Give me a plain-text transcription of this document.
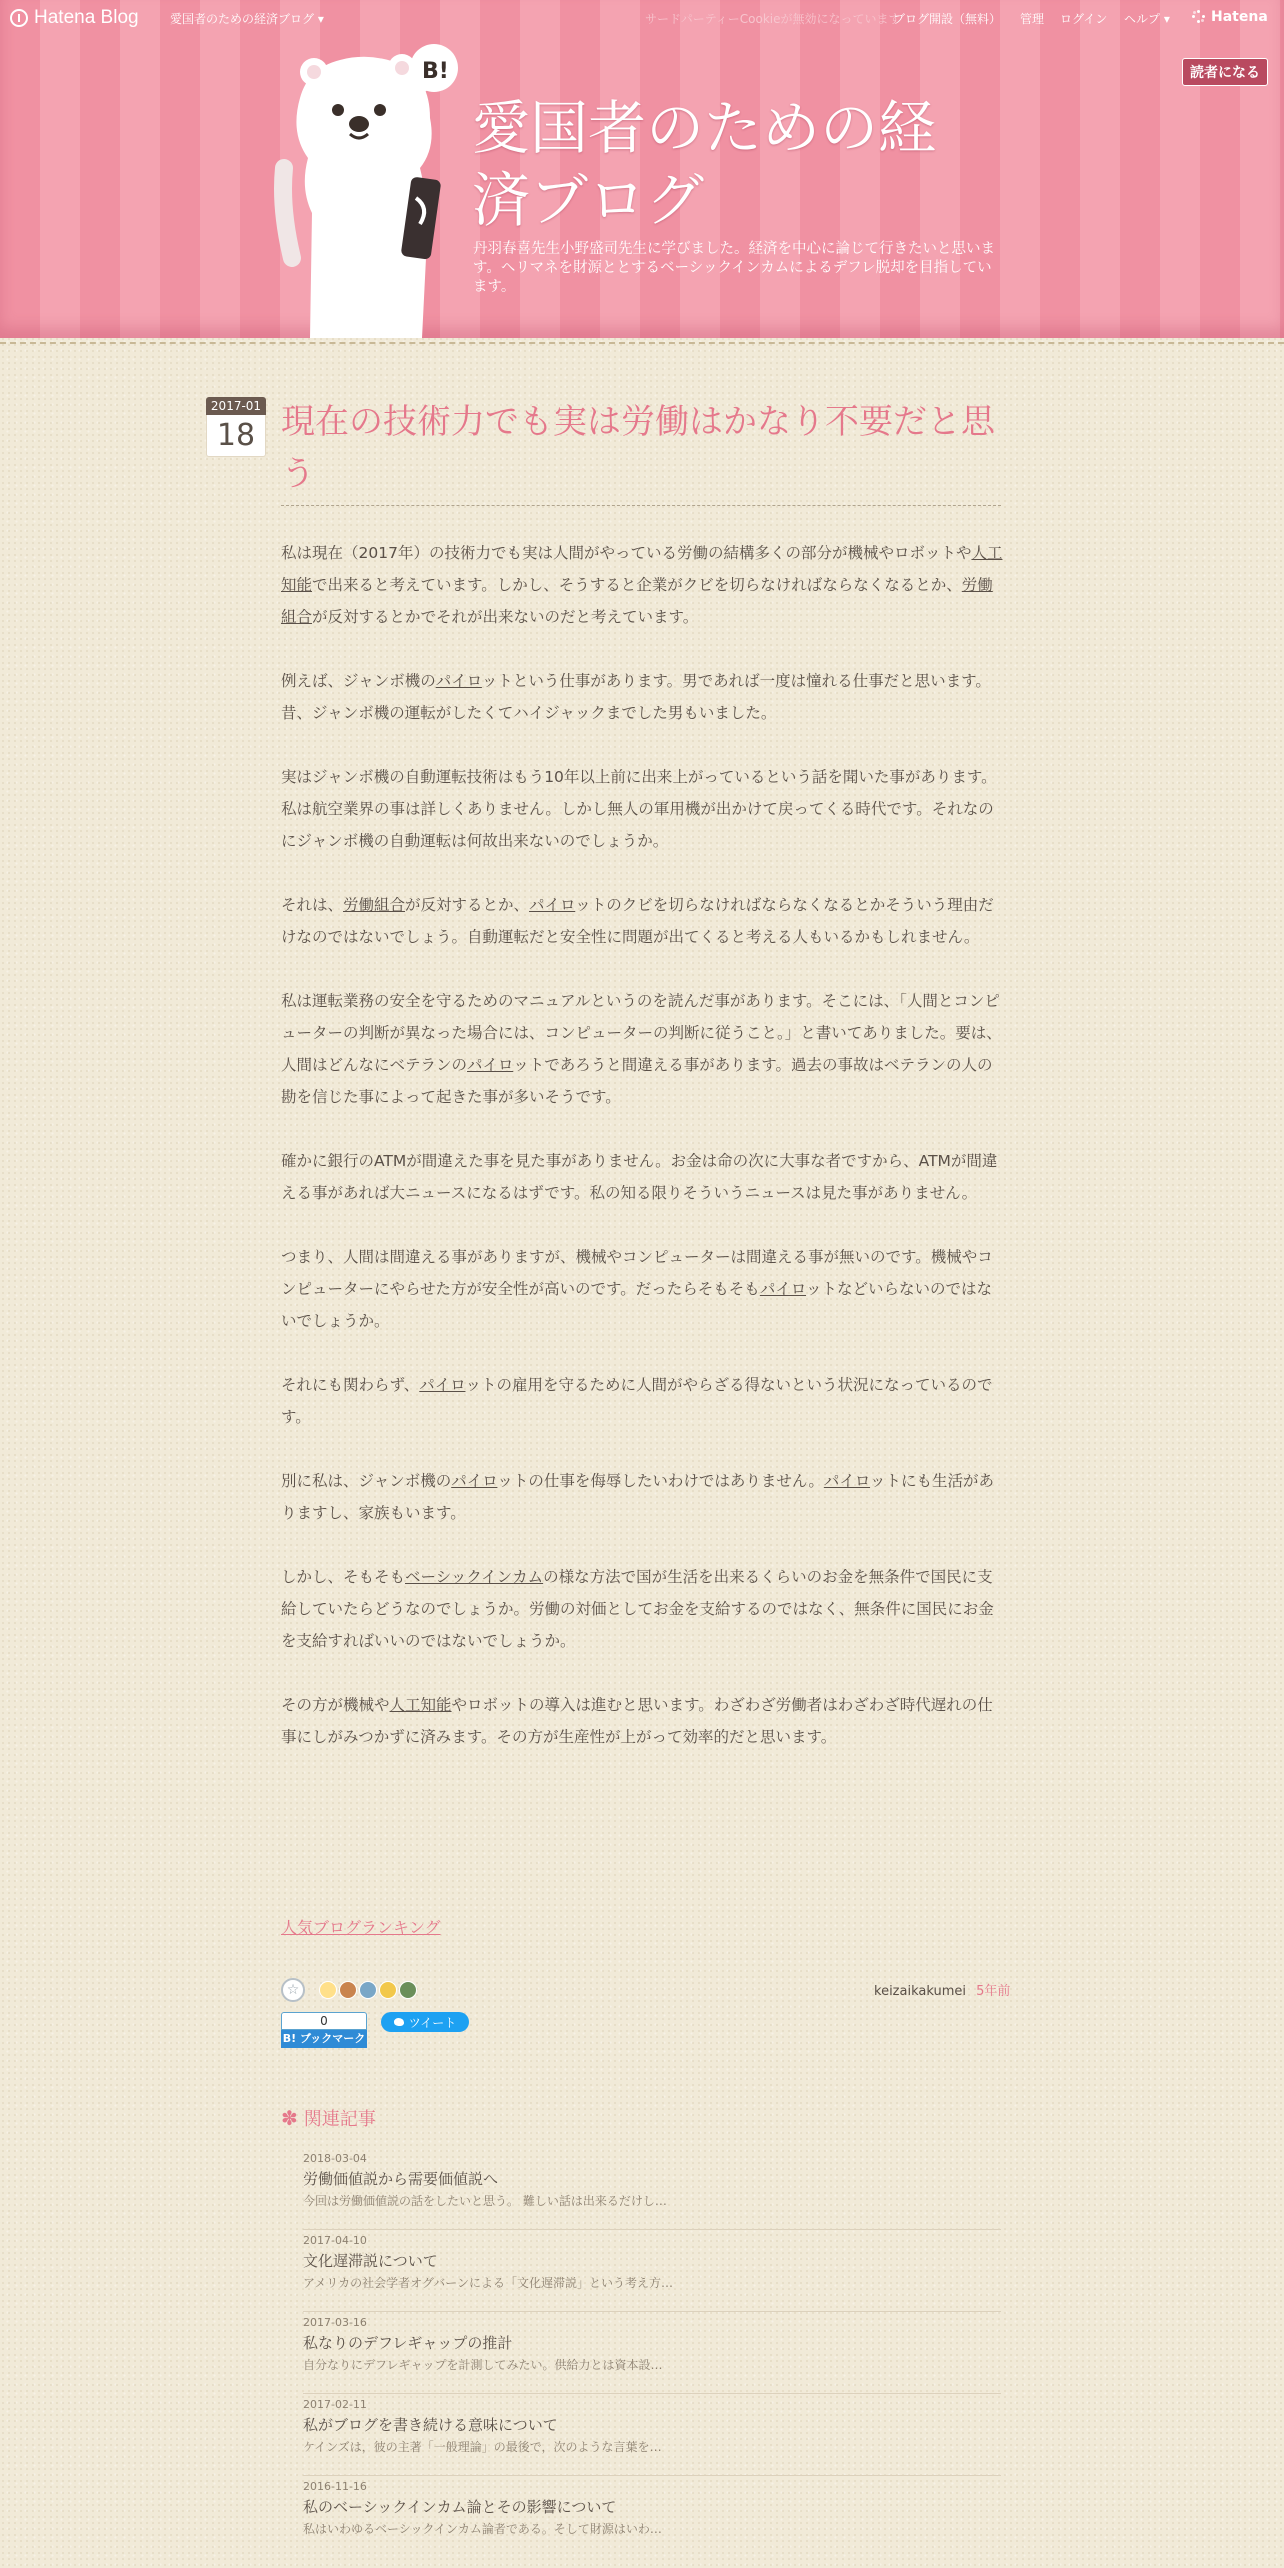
Hatena Blog	愛国者のための経済ブログ ▾	サードパーティーCookieが無効になっています
ブログ開設（無料） 管理 ログイン ヘルプ ▾	Hatena
読者になる
B!
愛国者のための経済ブログ

丹羽春喜先生小野盛司先生に学びました。経済を中心に論じて行きたいと思います。ヘリマネを財源ととするベーシックインカムによるデフレ脱却を目指しています。

2017-01
18 現在の技術力でも実は労働はかなり不要だと思う

私は現在（2017年）の技術力でも実は人間がやっている労働の結構多くの部分が機械やロボットや人工知能で出来ると考えています。しかし、そうすると企業がクビを切らなければならなくなるとか、労働組合が反対するとかでそれが出来ないのだと考えています。

例えば、ジャンボ機のパイロットという仕事があります。男であれば一度は憧れる仕事だと思います。昔、ジャンボ機の運転がしたくてハイジャックまでした男もいました。

実はジャンボ機の自動運転技術はもう10年以上前に出来上がっているという話を聞いた事があります。私は航空業界の事は詳しくありません。しかし無人の軍用機が出かけて戻ってくる時代です。それなのにジャンボ機の自動運転は何故出来ないのでしょうか。

それは、労働組合が反対するとか、パイロットのクビを切らなければならなくなるとかそういう理由だけなのではないでしょう。自動運転だと安全性に問題が出てくると考える人もいるかもしれません。

私は運転業務の安全を守るためのマニュアルというのを読んだ事があります。そこには、「人間とコンピューターの判断が異なった場合には、コンピューターの判断に従うこと。」と書いてありました。要は、人間はどんなにベテランのパイロットであろうと間違える事があります。過去の事故はベテランの人の勘を信じた事によって起きた事が多いそうです。

確かに銀行のATMが間違えた事を見た事がありません。お金は命の次に大事な者ですから、ATMが間違える事があれば大ニュースになるはずです。私の知る限りそういうニュースは見た事がありません。

つまり、人間は間違える事がありますが、機械やコンピューターは間違える事が無いのです。機械やコンピューターにやらせた方が安全性が高いのです。だったらそもそもパイロットなどいらないのではないでしょうか。

それにも関わらず、パイロットの雇用を守るために人間がやらざる得ないという状況になっているのです。

別に私は、ジャンボ機のパイロットの仕事を侮辱したいわけではありません。パイロットにも生活がありますし、家族もいます。

しかし、そもそもベーシックインカムの様な方法で国が生活を出来るくらいのお金を無条件で国民に支給していたらどうなのでしょうか。労働の対価としてお金を支給するのではなく、無条件に国民にお金を支給すればいいのではないでしょうか。

その方が機械や人工知能やロボットの導入は進むと思います。わざわざ労働者はわざわざ時代遅れの仕事にしがみつかずに済みます。その方が生産性が上がって効率的だと思います。

人気ブログランキング
☆	keizaikakumei 5年前
0
B! ブックマーク
ツイート
✽ 関連記事
2018-03-04
労働価値説から需要価値説へ
今回は労働価値説の話をしたいと思う。 難しい話は出来るだけし…
2017-04-10
文化遅滞説について
アメリカの社会学者オグバーンによる「文化遅滞説」という考え方…
2017-03-16
私なりのデフレギャップの推計
自分なりにデフレギャップを計測してみたい。供給力とは資本設…
2017-02-11
私がブログを書き続ける意味について
ケインズは，彼の主著「一般理論」の最後で，次のような言葉を…
2016-11-16
私のベーシックインカム論とその影響について
私はいわゆるベーシックインカム論者である。そして財源はいわ…
